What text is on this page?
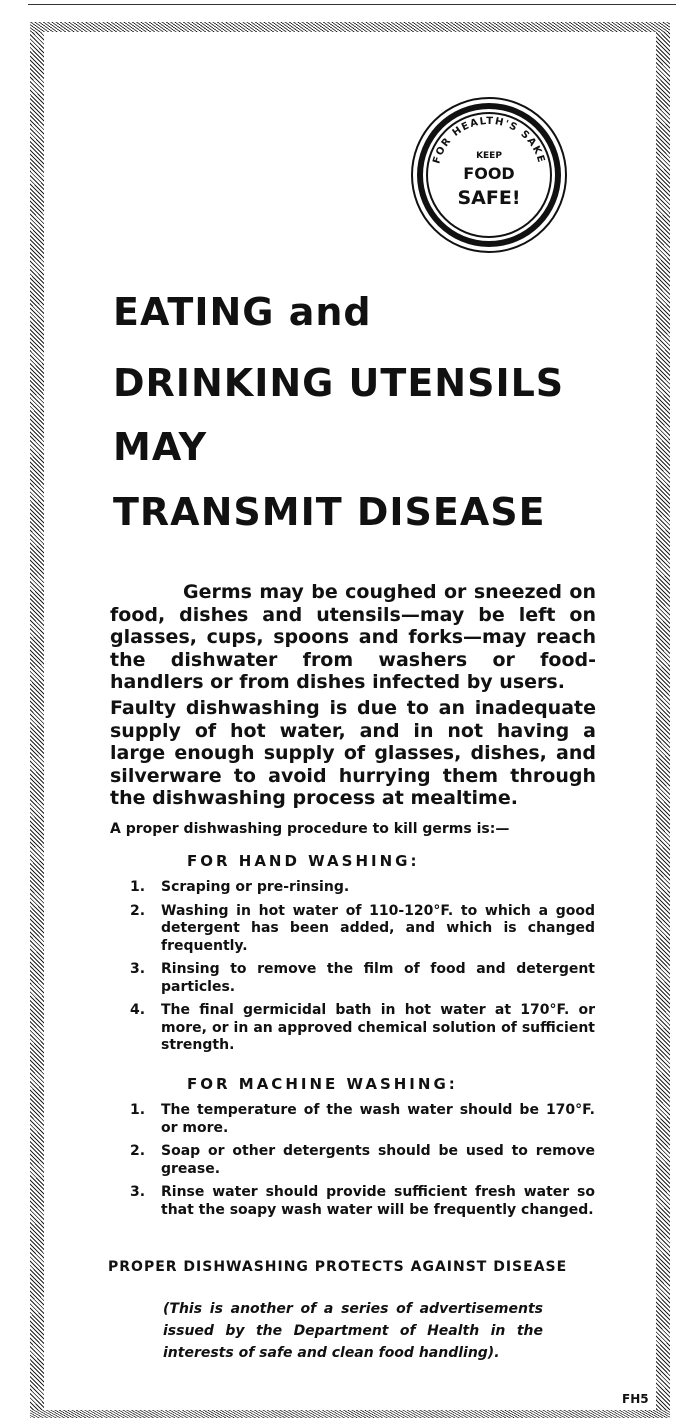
FOR HEALTH'S SAKE
KEEP
FOOD
SAFE!
EATING and
DRINKING UTENSILS
MAY
TRANSMIT DISEASE

Germs may be coughed or sneezed on food, dishes and utensils—may be left on glasses, cups, spoons and forks—may reach the dishwater from washers or food-handlers or from dishes infected by users.

Faulty dishwashing is due to an inadequate supply of hot water, and in not having a large enough supply of glasses, dishes, and silverware to avoid hurrying them through the dishwashing process at mealtime.

A proper dishwashing procedure to kill germs is:—

FOR HAND WASHING:

1. Scraping or pre-rinsing.
2. Washing in hot water of 110-120°F. to which a good detergent has been added, and which is changed frequently.
3. Rinsing to remove the film of food and detergent particles.
4. The final germicidal bath in hot water at 170°F. or more, or in an approved chemical solution of sufficient strength.

FOR MACHINE WASHING:

1. The temperature of the wash water should be 170°F. or more.
2. Soap or other detergents should be used to remove grease.
3. Rinse water should provide sufficient fresh water so that the soapy wash water will be frequently changed.

PROPER DISHWASHING PROTECTS AGAINST DISEASE

(This is another of a series of advertisements issued by the Department of Health in the interests of safe and clean food handling).

FH5
